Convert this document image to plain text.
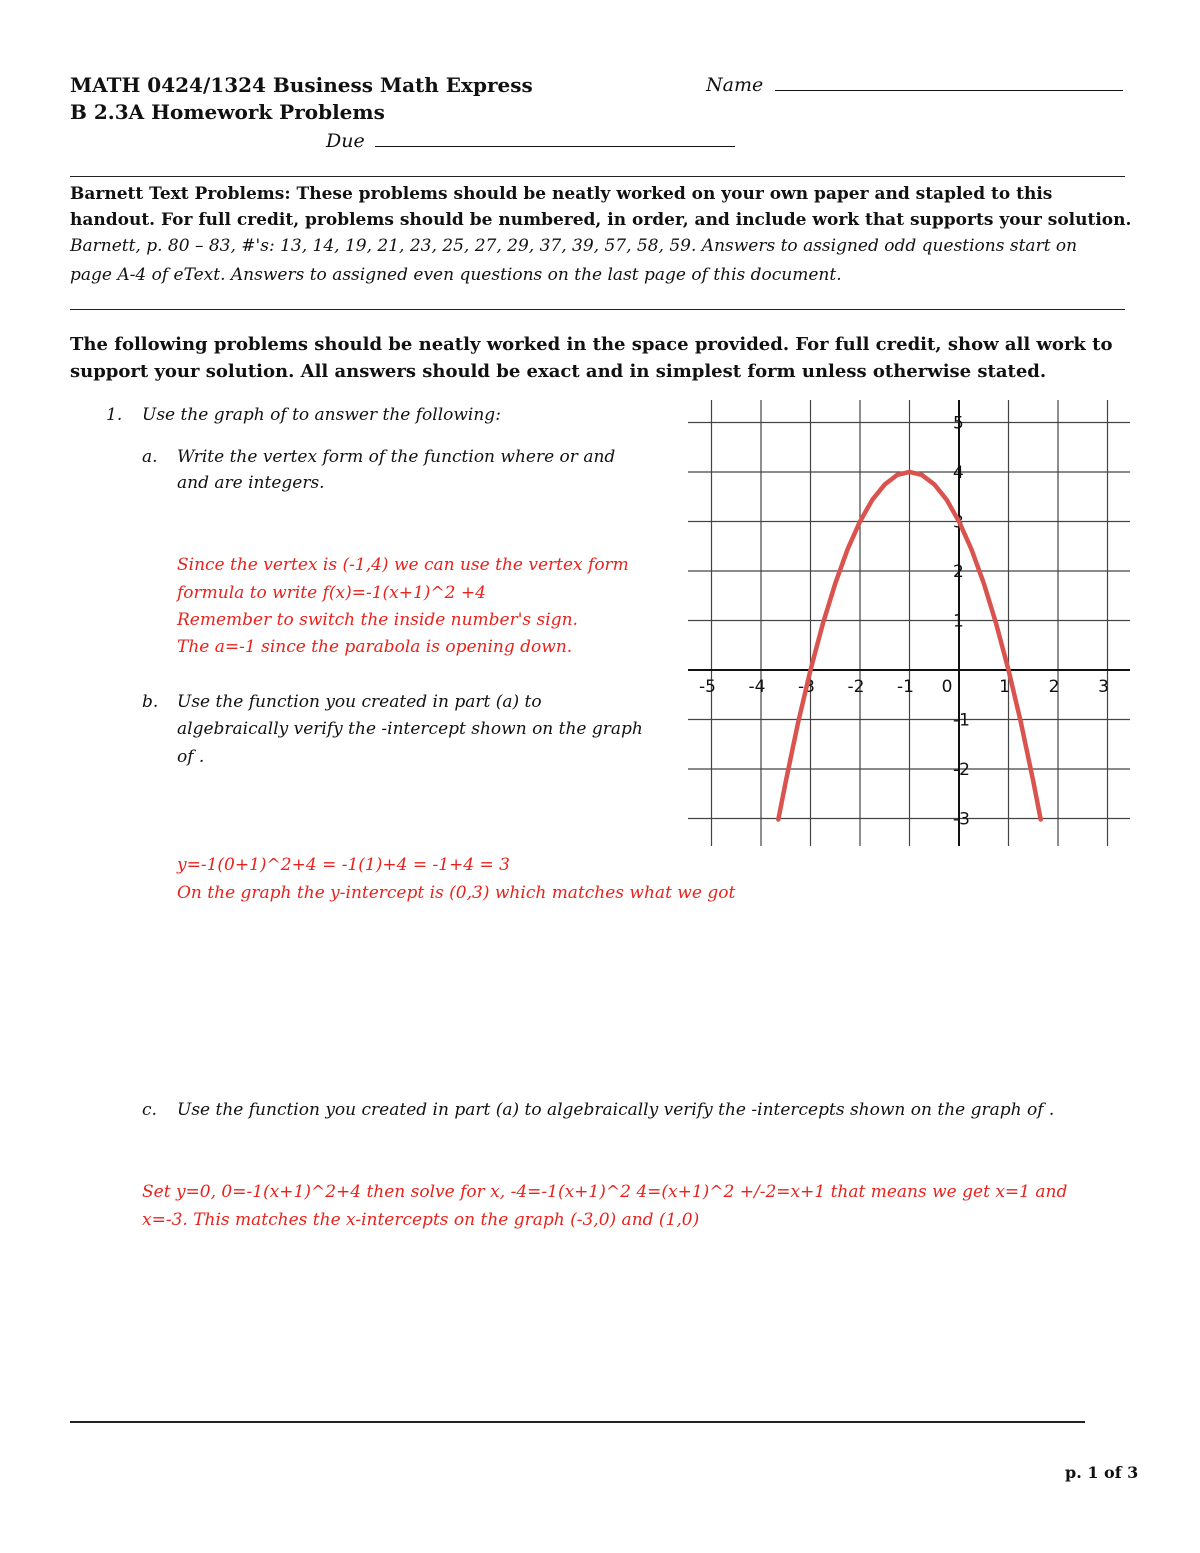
MATH 0424/1324 Business Math Express
B 2.3A Homework Problems
Name
Due
Barnett Text Problems: These problems should be neatly worked on your own paper and stapled to this
handout. For full credit, problems should be numbered, in order, and include work that supports your solution.
Barnett, p. 80 – 83, #'s: 13, 14, 19, 21, 23, 25, 27, 29, 37, 39, 57, 58, 59. Answers to assigned odd questions start on
page A-4 of eText. Answers to assigned even questions on the last page of this document.
The following problems should be neatly worked in the space provided. For full credit, show all work to
support your solution. All answers should be exact and in simplest form unless otherwise stated.
1. Use the graph of to answer the following:
a. Write the vertex form of the function where or and
and are integers.
Since the vertex is (-1,4) we can use the vertex form
formula to write f(x)=-1(x+1)^2 +4
Remember to switch the inside number's sign.
The a=-1 since the parabola is opening down.
b. Use the function you created in part (a) to
algebraically verify the -intercept shown on the graph
of .
y=-1(0+1)^2+4 = -1(1)+4 = -1+4 = 3
On the graph the y-intercept is (0,3) which matches what we got
c. Use the function you created in part (a) to algebraically verify the -intercepts shown on the graph of .
Set y=0, 0=-1(x+1)^2+4 then solve for x, -4=-1(x+1)^2 4=(x+1)^2 +/-2=x+1 that means we get x=1 and
x=-3. This matches the x-intercepts on the graph (-3,0) and (1,0)
-5 -4 -3 -2 -1 0	1 2 3
5
4
3
2
1
-1
-2
-3
p. 1 of 3
